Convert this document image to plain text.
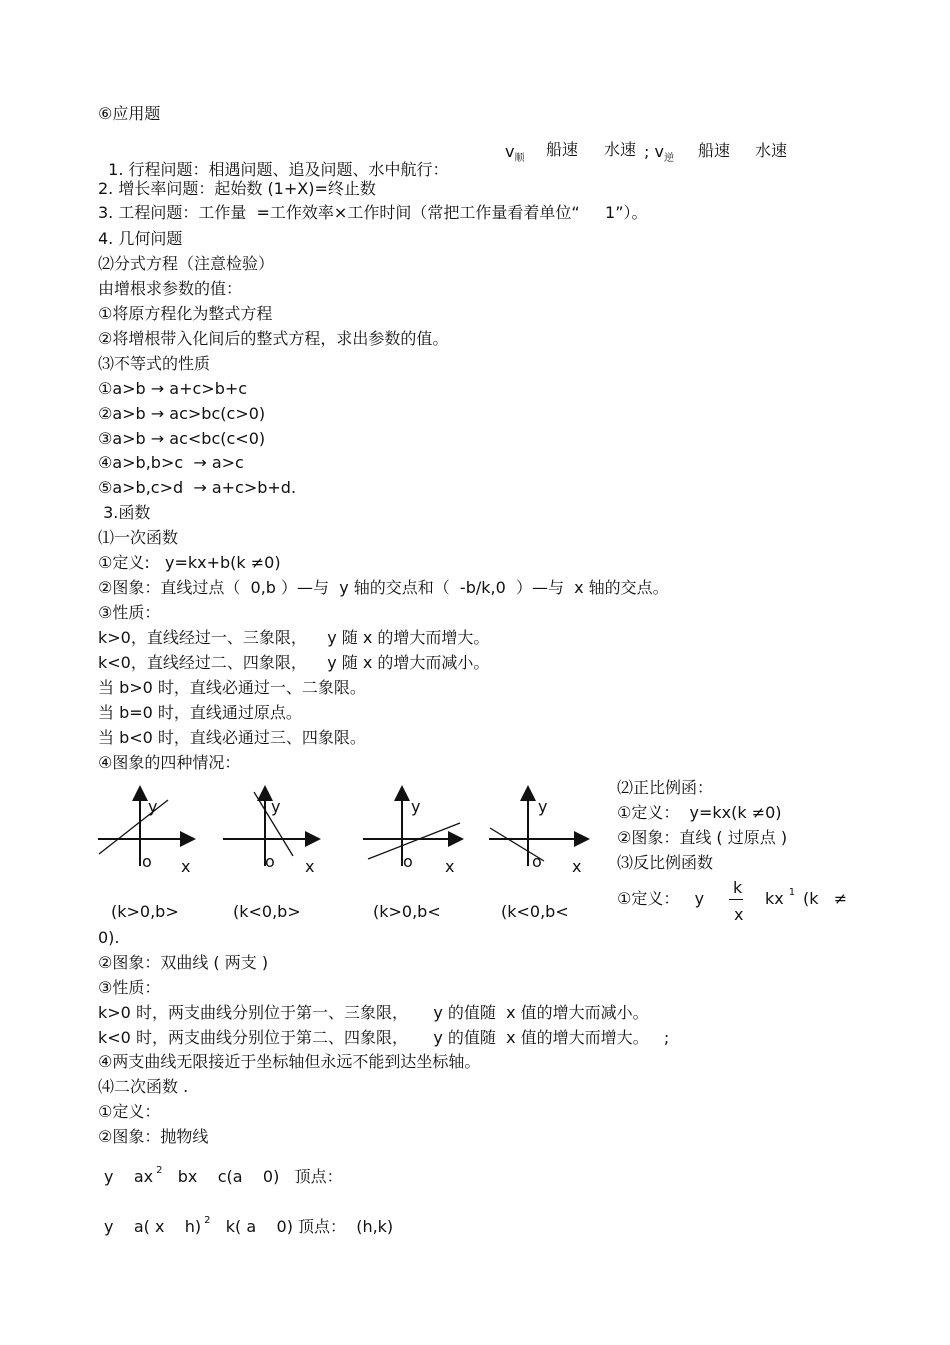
⑥应用题

1. 行程问题：相遇问题、追及问题、水中航行：

$v_顺$ 船速 水速 ; $v_逆$ 船速 水速
2. 增长率问题：起始数 (1+X)=终止数
3. 工程问题：工作量  =工作效率×工作时间（常把工作量看着单位“     1”）。
4. 几何问题
⑵分式方程（注意检验）
由增根求参数的值：
①将原方程化为整式方程
②将增根带入化间后的整式方程，求出参数的值。
⑶不等式的性质
①a>b → a+c>b+c
②a>b → ac>bc(c>0)
③a>b → ac<bc(c<0)
④a>b,b>c  → a>c
⑤a>b,c>d  → a+c>b+d.
3.函数
⑴一次函数
①定义:   y=kx+b(k ≠0)
②图象：直线过点（  0,b ）—与  y 轴的交点和（  -b/k,0  ）—与  x 轴的交点。
③性质：
k>0，直线经过一、三象限，    y 随 x 的增大而增大。
k<0，直线经过二、四象限，    y 随 x 的增大而减小。
当 b>0 时，直线必通过一、二象限。
当 b=0 时，直线通过原点。
当 b<0 时，直线必通过三、四象限。
④图象的四种情况：
⑵正比例函：
①定义：  y=kx(k ≠0)
②图象：直线 ( 过原点 )
⑶反比例函数
①定义：   y
k
x
kx $^1$ (k   ≠
y
o x
(k>0,b>
y
o x
(k<0,b>
y
o x
(k>0,b<
y
o x
(k<0,b<
0).
②图象：双曲线 ( 两支 )
③性质：
k>0 时，两支曲线分别位于第一、三象限，     y 的值随  x 值的增大而减小。
k<0 时，两支曲线分别位于第二、四象限，     y 的值随  x 值的增大而增大。   ;
④两支曲线无限接近于坐标轴但永远不能到达坐标轴。
⑷二次函数 .
①定义：
②图象：抛物线
y    ax $^2$   bx    c(a    0)   顶点：
y    a( x    h) $^2$   k( a    0) 顶点：  (h,k)
